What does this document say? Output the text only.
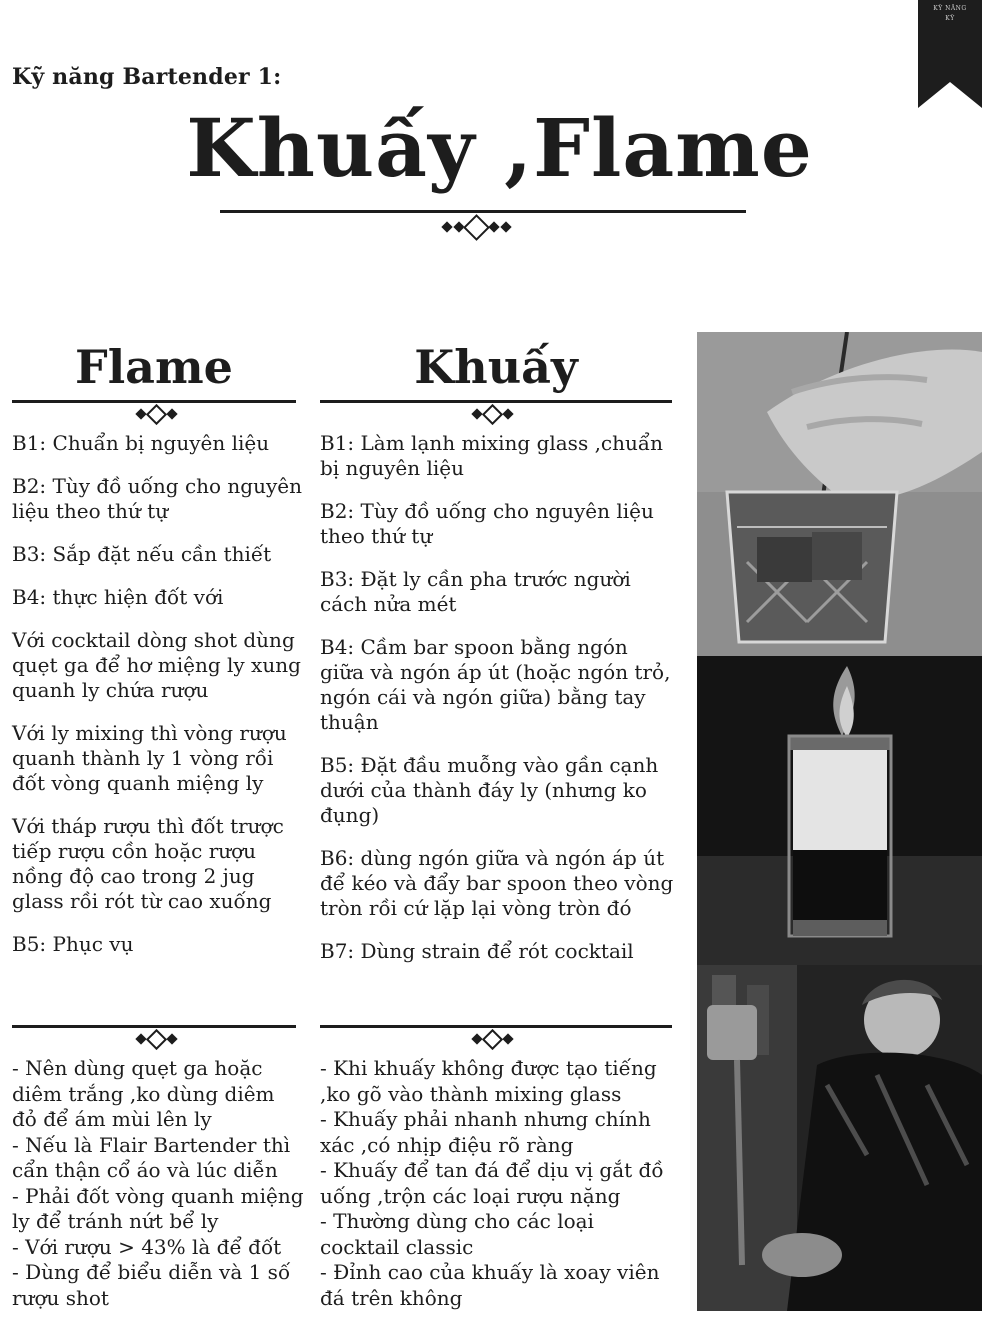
Kỹ năng Bartender 1:
Khuấy ,Flame
KỸ NĂNG KỸ
Flame

B1: Chuẩn bị nguyên liệu

B2: Tùy đồ uống cho nguyên liệu theo thứ tự

B3: Sắp đặt nếu cần thiết

B4: thực hiện đốt với

Với cocktail dòng shot dùng quẹt ga để hơ miệng ly xung quanh ly chứa rượu

Với ly mixing thì vòng rượu quanh thành ly 1 vòng rồi đốt vòng quanh miệng ly

Với tháp rượu thì đốt trược tiếp rượu cồn hoặc rượu nồng độ cao trong 2 jug glass rồi rót từ cao xuống

B5: Phục vụ

- Nên dùng quẹt ga hoặc diêm trắng ,ko dùng diêm đỏ để ám mùi lên ly

- Nếu là Flair Bartender thì cẩn thận cổ áo và lúc diễn

- Phải đốt vòng quanh miệng ly để tránh nứt bể ly

- Với rượu > 43% là để đốt

- Dùng để biểu diễn và 1 số rượu shot

Khuấy

B1: Làm lạnh mixing glass ,chuẩn bị nguyên liệu

B2: Tùy đồ uống cho nguyên liệu theo thứ tự

B3: Đặt ly cần pha trước người cách nửa mét

B4: Cầm bar spoon bằng ngón giữa và ngón áp út (hoặc ngón trỏ, ngón cái và ngón giữa) bằng tay thuận

B5: Đặt đầu muỗng vào gần cạnh dưới của thành đáy ly (nhưng ko đụng)

B6: dùng ngón giữa và ngón áp út để kéo và đẩy bar spoon theo vòng tròn rồi cứ lặp lại vòng tròn đó

B7: Dùng strain để rót cocktail

- Khi khuấy không được tạo tiếng ,ko gõ vào thành mixing glass

- Khuấy phải nhanh nhưng chính xác ,có nhịp điệu rõ ràng

- Khuấy để tan đá để dịu vị gắt đồ uống ,trộn các loại rượu nặng

- Thường dùng cho các loại cocktail classic

- Đỉnh cao của khuấy là xoay viên đá trên không
